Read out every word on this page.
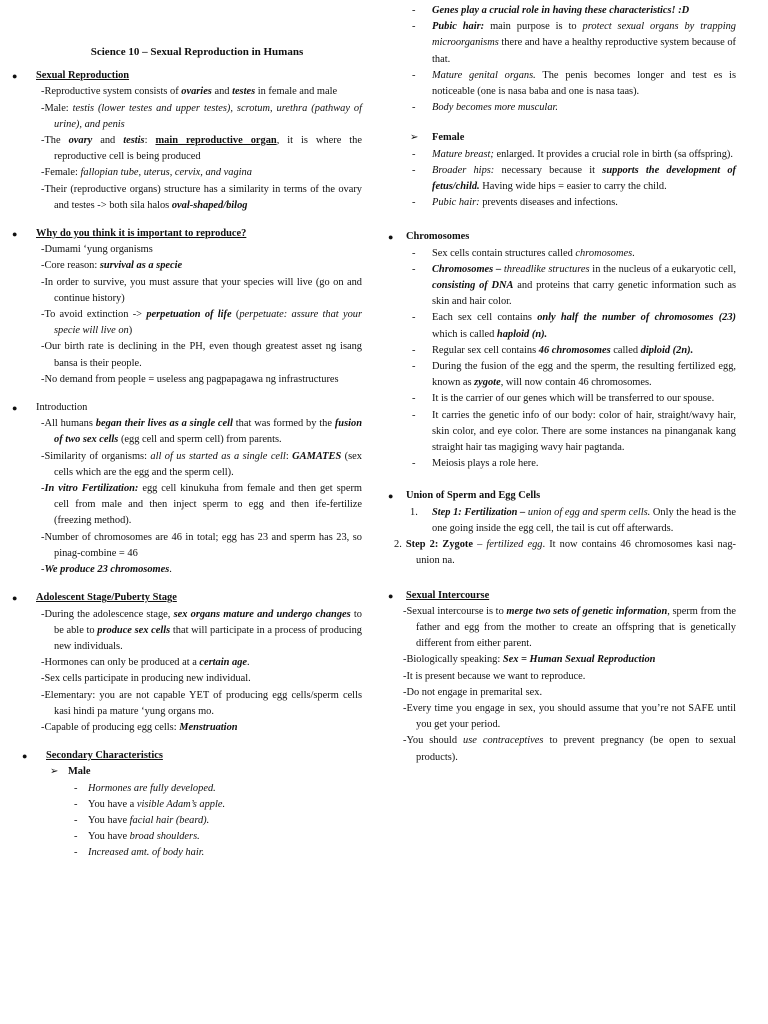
Science 10 – Sexual Reproduction in Humans
●	Sexual Reproduction
-Reproductive system consists of ovaries and testes in female and male
-Male: testis (lower testes and upper testes), scrotum, urethra (pathway of urine), and penis
-The ovary and testis: main reproductive organ, it is where the reproductive cell is being produced
-Female: fallopian tube, uterus, cervix, and vagina
-Their (reproductive organs) structure has a similarity in terms of the ovary and testes -> both sila halos oval-shaped/bilog
●	Why do you think it is important to reproduce?
-Dumami ‘yung organisms
-Core reason: survival as a specie
-In order to survive, you must assure that your species will live (go on and continue history)
-To avoid extinction -> perpetuation of life (perpetuate: assure that your specie will live on)
-Our birth rate is declining in the PH, even though greatest asset ng isang bansa is their people.
-No demand from people = useless ang pagpapagawa ng infrastructures
●	Introduction
-All humans began their lives as a single cell that was formed by the fusion of two sex cells (egg cell and sperm cell) from parents.
-Similarity of organisms: all of us started as a single cell: GAMATES (sex cells which are the egg and the sperm cell).
-In vitro Fertilization: egg cell kinukuha from female and then get sperm cell from male and then inject sperm to egg and then ife-fertilize (freezing method).
-Number of chromosomes are 46 in total; egg has 23 and sperm has 23, so pinag-combine = 46
-We produce 23 chromosomes.
●	Adolescent Stage/Puberty Stage
-During the adolescence stage, sex organs mature and undergo changes to be able to produce sex cells that will participate in a process of producing new individuals.
-Hormones can only be produced at a certain age.
-Sex cells participate in producing new individual.
-Elementary: you are not capable YET of producing egg cells/sperm cells kasi hindi pa mature ‘yung organs mo.
-Capable of producing egg cells: Menstruation
●	Secondary Characteristics
➢ Male
- Hormones are fully developed.
- You have a visible Adam’s apple.
- You have facial hair (beard).
- You have broad shoulders.
- Increased amt. of body hair.
- Genes play a crucial role in having these characteristics! :D
- Pubic hair: main purpose is to protect sexual organs by trapping microorganisms there and have a healthy reproductive system because of that.
- Mature genital organs. The penis becomes longer and test es is noticeable (one is nasa baba and one is nasa taas).
- Body becomes more muscular.
➢	Female
- Mature breast; enlarged. It provides a crucial role in birth (sa offspring).
- Broader hips: necessary because it supports the development of fetus/child. Having wide hips = easier to carry the child.
- Pubic hair: prevents diseases and infections.
●	Chromosomes
- Sex cells contain structures called chromosomes.
- Chromosomes – threadlike structures in the nucleus of a eukaryotic cell, consisting of DNA and proteins that carry genetic information such as skin and hair color.
- Each sex cell contains only half the number of chromosomes (23) which is called haploid (n).
- Regular sex cell contains 46 chromosomes called diploid (2n).
- During the fusion of the egg and the sperm, the resulting fertilized egg, known as zygote, will now contain 46 chromosomes.
- It is the carrier of our genes which will be transferred to our spouse.
- It carries the genetic info of our body: color of hair, straight/wavy hair, skin color, and eye color. There are some instances na pinanganak kang straight hair tas magiging wavy hair pagtanda.
- Meiosis plays a role here.
●	Union of Sperm and Egg Cells
1. Step 1: Fertilization – union of egg and sperm cells. Only the head is the one going inside the egg cell, the tail is cut off afterwards.
2. Step 2: Zygote – fertilized egg. It now contains 46 chromosomes kasi nag-union na.
●	Sexual Intercourse
-Sexual intercourse is to merge two sets of genetic information, sperm from the father and egg from the mother to create an offspring that is genetically different from either parent.
-Biologically speaking: Sex = Human Sexual Reproduction
-It is present because we want to reproduce.
-Do not engage in premarital sex.
-Every time you engage in sex, you should assume that you’re not SAFE until you get your period.
-You should use contraceptives to prevent pregnancy (be open to sexual products).
